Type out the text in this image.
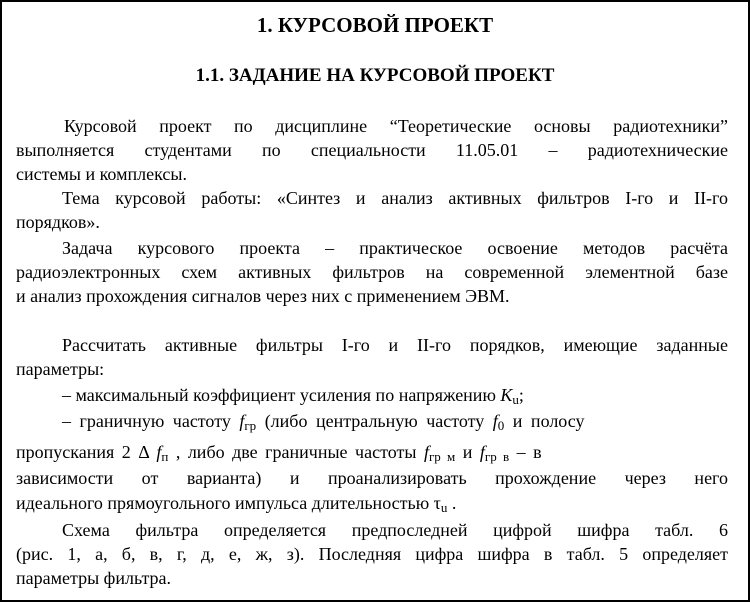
1. КУРСОВОЙ ПРОЕКТ
1.1. ЗАДАНИЕ НА КУРСОВОЙ ПРОЕКТ
Курсовой проект по дисциплине “Теоретические основы радиотехники”
выполняется студентами по специальности 11.05.01 – радиотехнические
системы и комплексы.
Тема курсовой работы: «Синтез и анализ активных фильтров I-го и II-го
порядков».
Задача курсового проекта – практическое освоение методов расчёта
радиоэлектронных схем активных фильтров на современной элементной базе
и анализ прохождения сигналов через них с применением ЭВМ.
Рассчитать активные фильтры I-го и II-го порядков, имеющие заданные
параметры:
– максимальный коэффициент усиления по напряжению $K_u$;
– граничную частоту $f_{гр}$ (либо центральную частоту $f_0$ и полосу
пропускания 2 Δ $f_п$ , либо две граничные частоты $f_{гр м}$ и $f_{гр в}$ – в
зависимости от варианта) и проанализировать прохождение через него
идеального прямоугольного импульса длительностью $\tau_u$ .
Схема фильтра определяется предпоследней цифрой шифра табл. 6
(рис. 1, а, б, в, г, д, е, ж, з). Последняя цифра шифра в табл. 5 определяет
параметры фильтра.
